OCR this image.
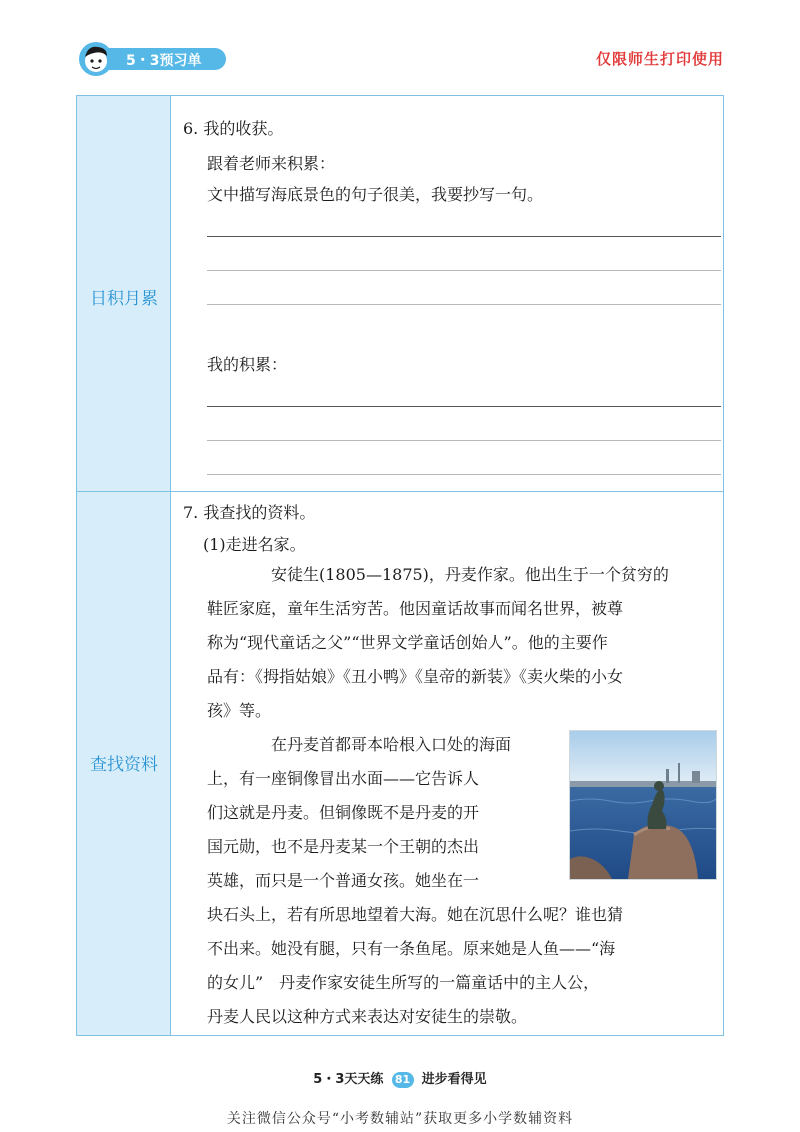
5・3预习单	仅限师生打印使用
日积月累
6. 我的收获。
跟着老师来积累：
文中描写海底景色的句子很美，我要抄写一句。
我的积累：
查找资料
7. 我查找的资料。
(1)走进名家。
安徒生(1805—1875)，丹麦作家。他出生于一个贫穷的
鞋匠家庭，童年生活穷苦。他因童话故事而闻名世界，被尊
称为“现代童话之父”“世界文学童话创始人”。他的主要作
品有：《拇指姑娘》《丑小鸭》《皇帝的新装》《卖火柴的小女
孩》等。
在丹麦首都哥本哈根入口处的海面
上，有一座铜像冒出水面——它告诉人
们这就是丹麦。但铜像既不是丹麦的开
国元勋，也不是丹麦某一个王朝的杰出
英雄，而只是一个普通女孩。她坐在一
块石头上，若有所思地望着大海。她在沉思什么呢？谁也猜
不出来。她没有腿，只有一条鱼尾。原来她是人鱼——“海
的女儿”　丹麦作家安徒生所写的一篇童话中的主人公，
丹麦人民以这种方式来表达对安徒生的崇敬。
5・3天天练 81 进步看得见
关注微信公众号“小考数辅站”获取更多小学数辅资料
